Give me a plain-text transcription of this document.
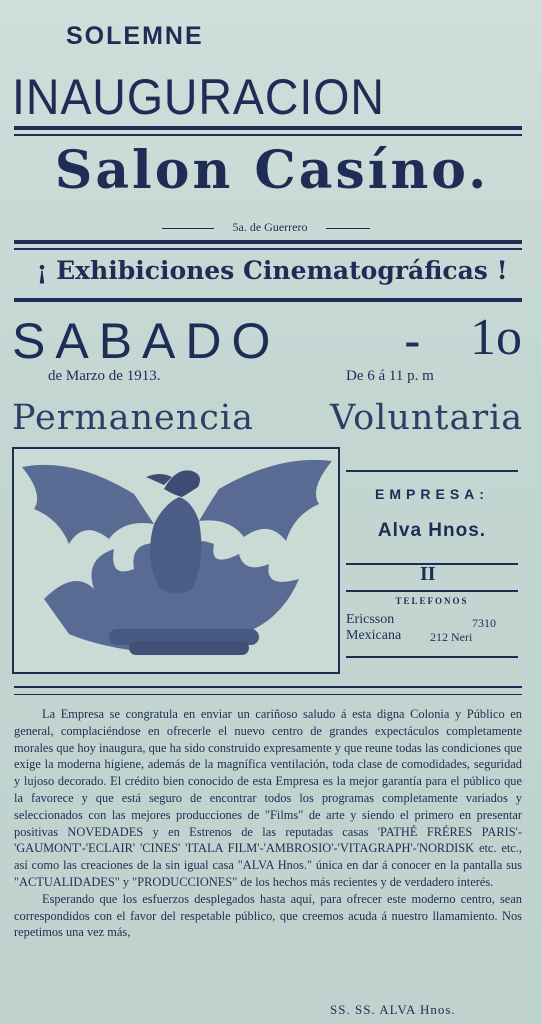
SOLEMNE
INAUGURACION
Salon Casíno.
5a. de Guerrero
¡ Exhibiciones Cinematográficas !
SABADO - 1o
de Marzo de 1913.	De 6 á 11 p. m
Permanencia Voluntaria
EMPRESA:
Alva Hnos.
II
TELEFONOS
Ericsson	7310
Mexicana 212 Neri

La Empresa se congratula en enviar un cariñoso saludo á esta digna Colonia y Público en general, complaciéndose en ofrecerle el nuevo centro de grandes expectáculos completamente morales que hoy inaugura, que ha sido construido expresamente y que reune todas las condiciones que exige la moderna higiene, además de la magnífica ventilación, toda clase de comodidades, seguridad y lujoso decorado. El crédito bien conocido de esta Empresa es la mejor garantía para el público que la favorece y que está seguro de encontrar todos los programas completamente variados y seleccionados con las mejores producciones de "Films" de arte y siendo el primero en presentar positivas NOVEDADES y en Estrenos de las reputadas casas 'PATHÉ FRÉRES PARIS'-'GAUMONT'-'ECLAIR' 'CINES' 'ITALA FILM'-'AMBROSIO'-'VITAGRAPH'-'NORDISK etc. etc., así como las creaciones de la sin igual casa "ALVA Hnos." única en dar á conocer en la pantalla sus "ACTUALIDADES" y "PRODUCCIONES" de los hechos más recientes y de verdadero interés.

Esperando que los esfuerzos desplegados hasta aquí, para ofrecer este moderno centro, sean correspondidos con el favor del respetable público, que creemos acuda á nuestro llamamiento. Nos repetimos una vez más,

SS. SS. ALVA Hnos.
